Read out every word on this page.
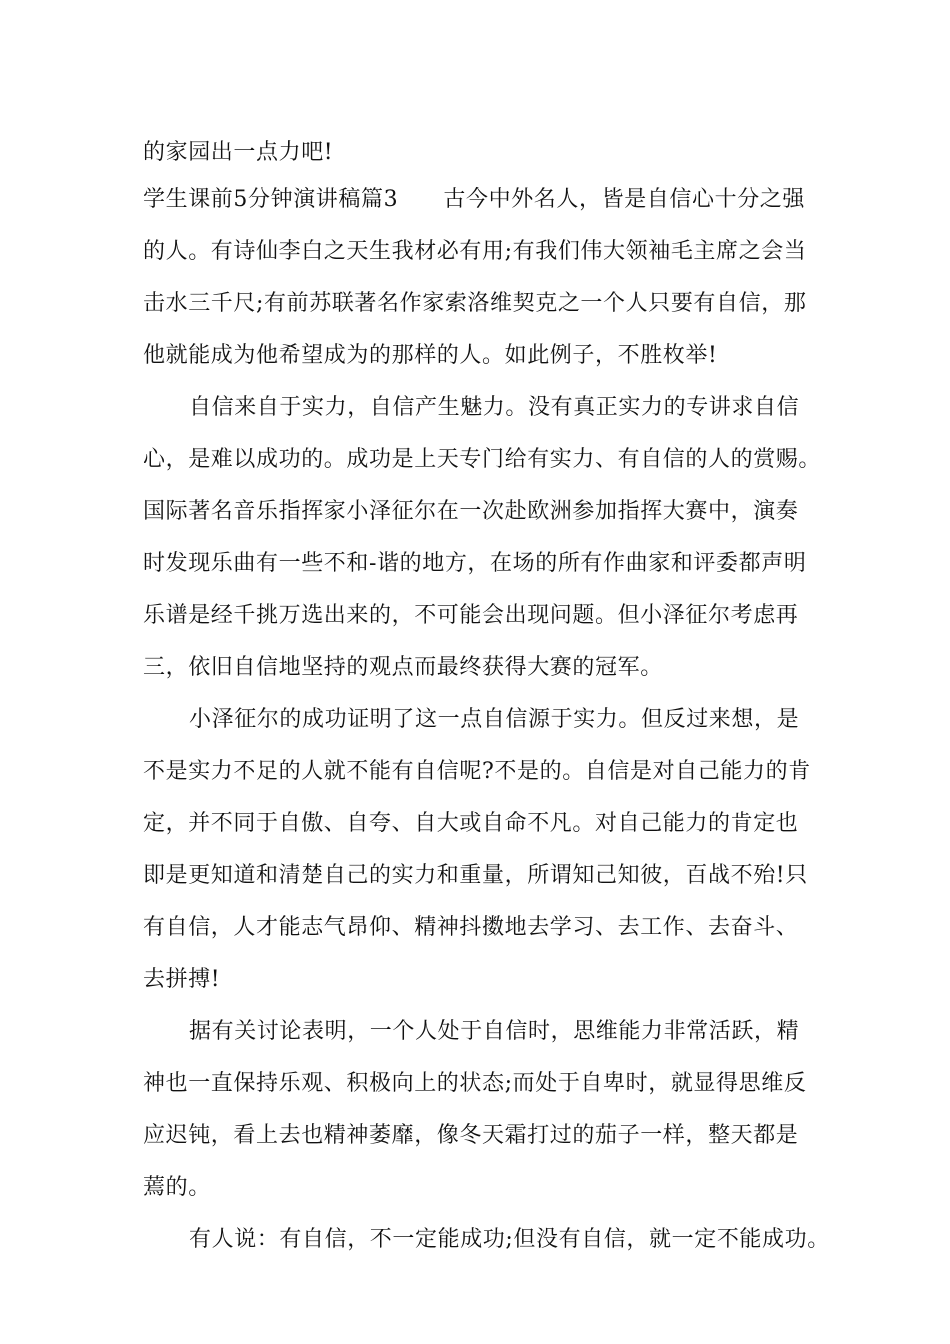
的家园出一点力吧!
学生课前5分钟演讲稿篇3　　古今中外名人，皆是自信心十分之强
的人。有诗仙李白之天生我材必有用;有我们伟大领袖毛主席之会当
击水三千尺;有前苏联著名作家索洛维契克之一个人只要有自信，那
他就能成为他希望成为的那样的人。如此例子，不胜枚举!
自信来自于实力，自信产生魅力。没有真正实力的专讲求自信
心，是难以成功的。成功是上天专门给有实力、有自信的人的赏赐。
国际著名音乐指挥家小泽征尔在一次赴欧洲参加指挥大赛中，演奏
时发现乐曲有一些不和-谐的地方，在场的所有作曲家和评委都声明
乐谱是经千挑万选出来的，不可能会出现问题。但小泽征尔考虑再
三，依旧自信地坚持的观点而最终获得大赛的冠军。
小泽征尔的成功证明了这一点自信源于实力。但反过来想，是
不是实力不足的人就不能有自信呢?不是的。自信是对自己能力的肯
定，并不同于自傲、自夸、自大或自命不凡。对自己能力的肯定也
即是更知道和清楚自己的实力和重量，所谓知己知彼，百战不殆!只
有自信，人才能志气昂仰、精神抖擞地去学习、去工作、去奋斗、
去拼搏!
据有关讨论表明，一个人处于自信时，思维能力非常活跃，精
神也一直保持乐观、积极向上的状态;而处于自卑时，就显得思维反
应迟钝，看上去也精神萎靡，像冬天霜打过的茄子一样，整天都是
蔫的。
有人说：有自信，不一定能成功;但没有自信，就一定不能成功。
